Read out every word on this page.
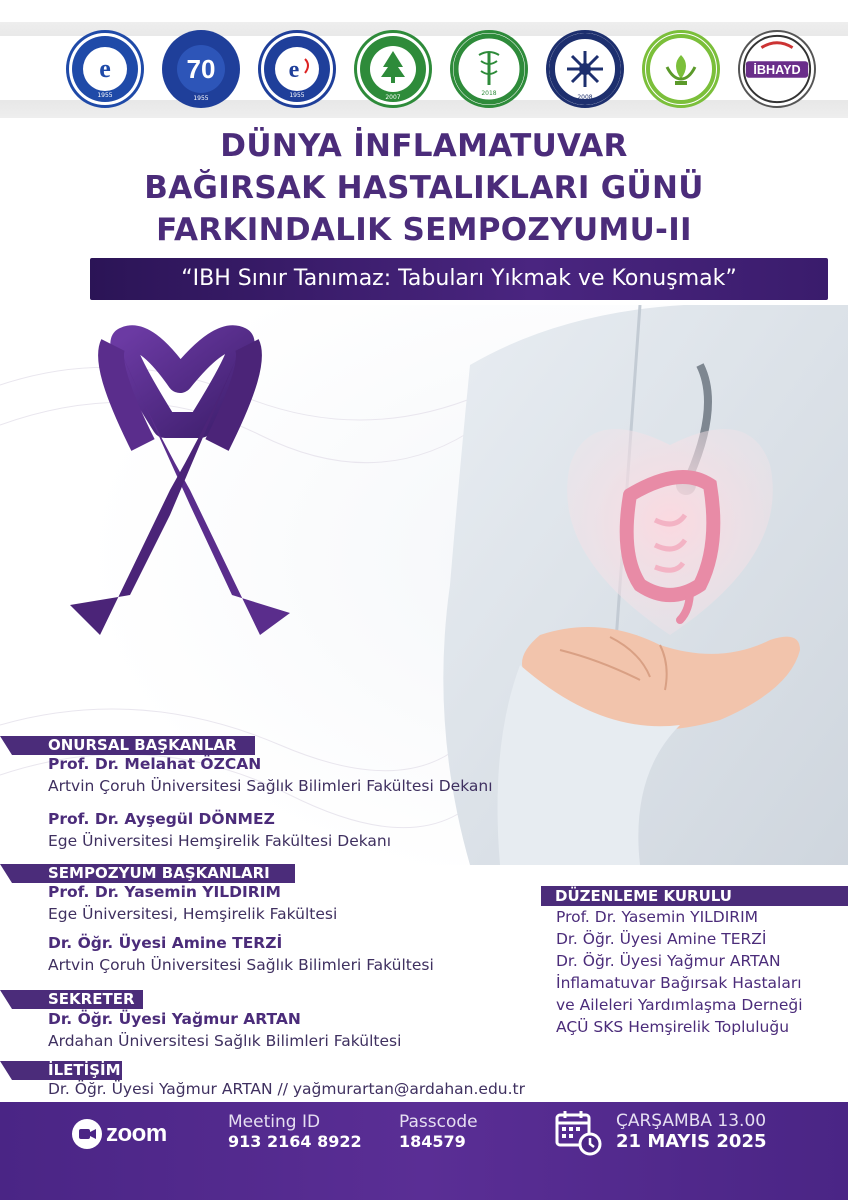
e
1955
70
1955
e
1955	2007
2018
2008
İBHAYD
DÜNYA İNFLAMATUVAR
BAĞIRSAK HASTALIKLARI GÜNÜ
FARKINDALIK SEMPOZYUMU-II
“IBH Sınır Tanımaz: Tabuları Yıkmak ve Konuşmak”
ONURSAL BAŞKANLAR
Prof. Dr. Melahat ÖZCAN
Artvin Çoruh Üniversitesi Sağlık Bilimleri Fakültesi Dekanı
Prof. Dr. Ayşegül DÖNMEZ
Ege Üniversitesi Hemşirelik Fakültesi Dekanı
SEMPOZYUM BAŞKANLARI
Prof. Dr. Yasemin YILDIRIM
Ege Üniversitesi, Hemşirelik Fakültesi
Dr. Öğr. Üyesi Amine TERZİ
Artvin Çoruh Üniversitesi Sağlık Bilimleri Fakültesi
SEKRETER
Dr. Öğr. Üyesi Yağmur ARTAN
Ardahan Üniversitesi Sağlık Bilimleri Fakültesi
İLETİŞİM
Dr. Öğr. Üyesi Yağmur ARTAN // yağmurartan@ardahan.edu.tr
DÜZENLEME KURULU
Prof. Dr. Yasemin YILDIRIM
Dr. Öğr. Üyesi Amine TERZİ
Dr. Öğr. Üyesi Yağmur ARTAN
İnflamatuvar Bağırsak Hastaları
ve Aileleri Yardımlaşma Derneği
AÇÜ SKS Hemşirelik Topluluğu
zoom	Meeting ID
913 2164 8922
Passcode
184579
ÇARŞAMBA 13.00
21 MAYIS 2025
